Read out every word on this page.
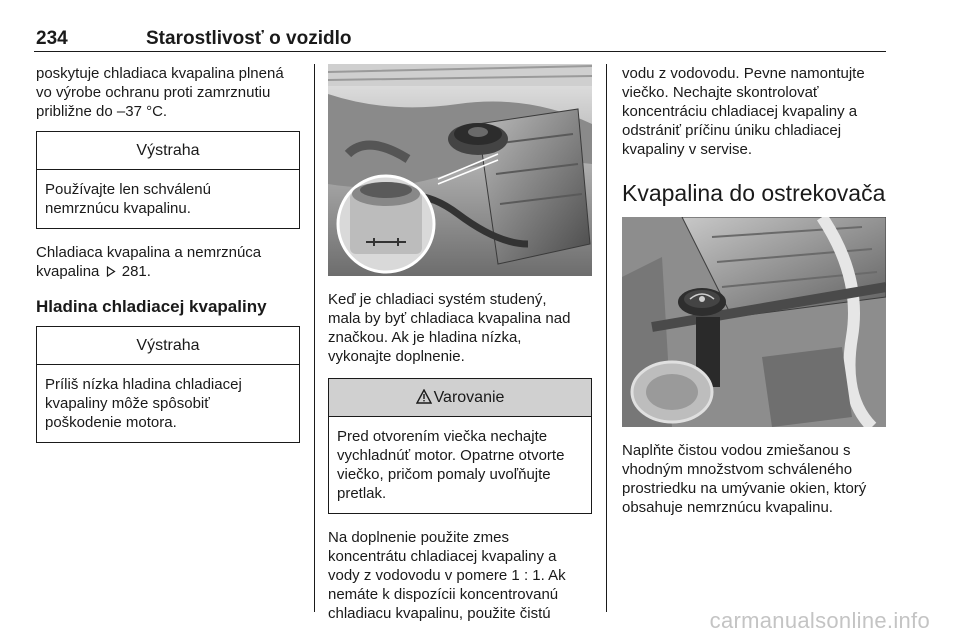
234	Starostlivosť o vozidlo
poskytuje chladiaca kvapalina plnená
vo výrobe ochranu proti zamrznutiu
približne do –37 °C.
Výstraha
Používajte len schválenú
nemrznúcu kvapalinu.
Chladiaca kvapalina a nemrznúca
kvapalina 281.
Hladina chladiacej kvapaliny
Výstraha
Príliš nízka hladina chladiacej
kvapaliny môže spôsobiť
poškodenie motora.
Keď je chladiaci systém studený,
mala by byť chladiaca kvapalina nad
značkou. Ak je hladina nízka,
vykonajte doplnenie.
Varovanie
Pred otvorením viečka nechajte
vychladnúť motor. Opatrne otvorte
viečko, pričom pomaly uvoľňujte
pretlak.
Na doplnenie použite zmes
koncentrátu chladiacej kvapaliny a
vody z vodovodu v pomere 1 : 1. Ak
nemáte k dispozícii koncentrovanú
chladiacu kvapalinu, použite čistú
vodu z vodovodu. Pevne namontujte
viečko. Nechajte skontrolovať
koncentráciu chladiacej kvapaliny a
odstrániť príčinu úniku chladiacej
kvapaliny v servise.
Kvapalina do ostrekovača
Naplňte čistou vodou zmiešanou s
vhodným množstvom schváleného
prostriedku na umývanie okien, ktorý
obsahuje nemrznúcu kvapalinu.
carmanualsonline.info
